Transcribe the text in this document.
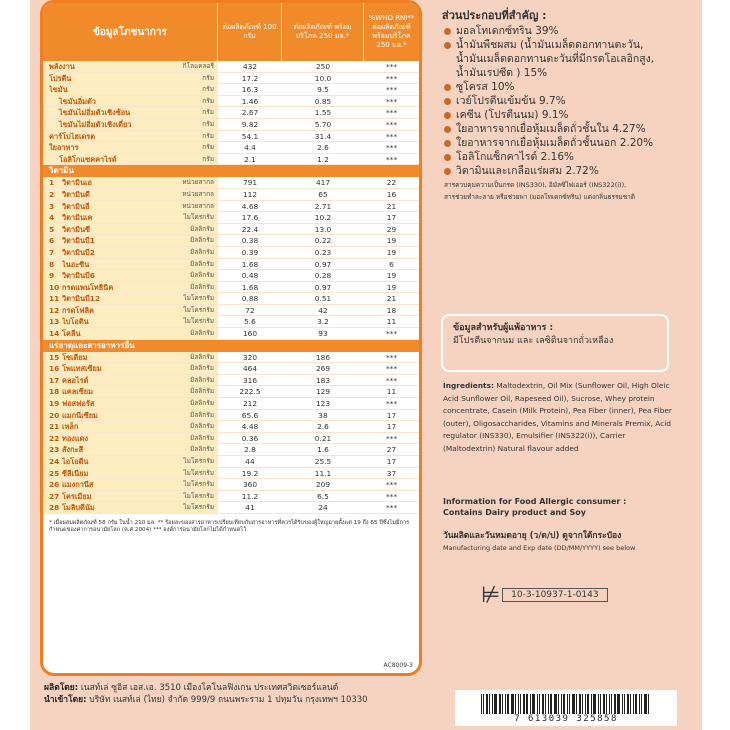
ข้อมูลโภชนาการ	ต่อผลิตภัณฑ์ 100 กรัม
ต่อผลิตภัณฑ์ พร้อมบริโภค 250 มล.*
%WHO RNI** ต่อผลิตภัณฑ์ พร้อมบริโภค 250 มล.*
พลังงาน	กิโลแคลอรี	432	250	***
โปรตีน	กรัม	17.2	10.0	***
ไขมัน	กรัม	16.3	9.5	***
ไขมันอิ่มตัว	กรัม	1.46	0.85	***
ไขมันไม่อิ่มตัวเชิงซ้อน	กรัม	2.67	1.55	***
ไขมันไม่อิ่มตัวเชิงเดี่ยว	กรัม	9.82	5.70	***
คาร์โบไฮเดรต	กรัม	54.1	31.4	***
ใยอาหาร	กรัม	4.4	2.6	***
โอลิโกแซคคาไรด์	กรัม	2.1	1.2	***
วิตามิน
1	วิตามินเอ	หน่วยสากล	791	417	22
2	วิตามินดี	หน่วยสากล	112	65	16
3	วิตามินอี	หน่วยสากล	4.68	2.71	21
4	วิตามินเค	ไมโครกรัม	17.6	10.2	17
5	วิตามินซี	มิลลิกรัม	22.4	13.0	29
6	วิตามินบี1	มิลลิกรัม	0.38	0.22	19
7	วิตามินบี2	มิลลิกรัม	0.39	0.23	19
8	ไนอะซิน	มิลลิกรัม	1.68	0.97	6
9	วิตามินบี6	มิลลิกรัม	0.48	0.28	19
10 กรดแพนโทธินิค	มิลลิกรัม	1.68	0.97	19
11 วิตามินบี12	ไมโครกรัม	0.88	0.51	21
12 กรดโฟลิค	ไมโครกรัม	72	42	18
13 ไบโอติน	ไมโครกรัม	5.6	3.2	11
14 โคลีน	มิลลิกรัม	160	93	***
แร่ธาตุและสารอาหารอื่น
15 โซเดียม	มิลลิกรัม	320	186	***
16 โพแทสเซียม	มิลลิกรัม	464	269	***
17 คลอไรด์	มิลลิกรัม	316	183	***
18 แคลเซียม	มิลลิกรัม	222.5	129	11
19 ฟอสฟอรัส	มิลลิกรัม	212	123	***
20 แมกนีเซียม	มิลลิกรัม	65.6	38	17
21 เหล็ก	มิลลิกรัม	4.48	2.6	17
22 ทองแดง	มิลลิกรัม	0.36	0.21	***
23 สังกะสี	มิลลิกรัม	2.8	1.6	27
24 ไอโอดีน	ไมโครกรัม	44	25.5	17
25 ซีลีเนียม	ไมโครกรัม	19.2	11.1	37
26 แมงกานีส	ไมโครกรัม	360	209	***
27 โครเมียม	ไมโครกรัม	11.2	6.5	***
28 โมลิบดีนัม	ไมโครกรัม	41	24	***
* เมื่อผสมผลิตภัณฑ์ 58 กรัม ในน้ำ 210 มล. ** ร้อยละของสารอาหารเปรียบเทียบกับสารอาหารที่ควรได้รับของผู้ใหญ่อายุตั้งแต่ 19 ถึง 65 ปีซึ่งไม่มีการกำหนดของค่าการอนามัยโลก (ค.ศ.2004) *** องค์การอนามัยโลกไม่ได้กำหนดไว้
AC8009-3
ผลิตโดย: เนสท์เล่ ซูอิส เอส.เอ. 3510 เมืองโคโนลฟิงเกน ประเทศสวิตเซอร์แลนด์
นำเข้าโดย: บริษัท เนสท์เล่ (ไทย) จำกัด 999/9 ถนนพระราม 1 ปทุมวัน กรุงเทพฯ 10330
ส่วนประกอบที่สำคัญ :
มอลโทเดกซ์ทริน 39%
น้ำมันพืชผสม (น้ำมันเมล็ดดอกทานตะวัน,
น้ำมันเมล็ดดอกทานตะวันที่มีกรดโอเลอิกสูง,
น้ำมันเรปซีด ) 15%
ซูโครส 10%
เวย์โปรตีนเข้มข้น 9.7%
เคซีน (โปรตีนนม) 9.1%
ใยอาหารจากเยื่อหุ้มเมล็ดถั่วชั้นใน 4.27%
ใยอาหารจากเยื่อหุ้มเมล็ดถั่วชั้นนอก 2.20%
โอลิโกแซ็กคาไรด์ 2.16%
วิตามินและเกลือแร่ผสม 2.72%
สารควบคุมความเป็นกรด (INS330), อิมัลซิไฟเออร์ (INS322(i)),
สารช่วยทำละลาย หรือช่วยพา (มอลโทเดกซ์ทริน) แต่งกลิ่นธรรมชาติ
ข้อมูลสำหรับผู้แพ้อาหาร :
มีโปรตีนจากนม และ เลซิตินจากถั่วเหลือง
Ingredients: Maltodextrin, Oil Mix (Sunflower Oil, High Oleic Acid Sunflower Oil, Rapeseed Oil), Sucrose, Whey protein concentrate, Casein (Milk Protein), Pea Fiber (inner), Pea Fiber (outer), Oligosaccharides, Vitamins and Minerals Premix, Acid regulator (INS330), Emulsifier (INS322(i)), Carrier (Maltodextrin) Natural flavour added
Information for Food Allergic consumer :
Contains Dairy product and Soy
วันผลิตและวันหมดอายุ (ว/ด/ป) ดูจากใต้กระป๋อง
Manufacturing date and Exp date (DD/MM/YYYY) see below
⊭	10-3-10937-1-0143
7 613039 325858
